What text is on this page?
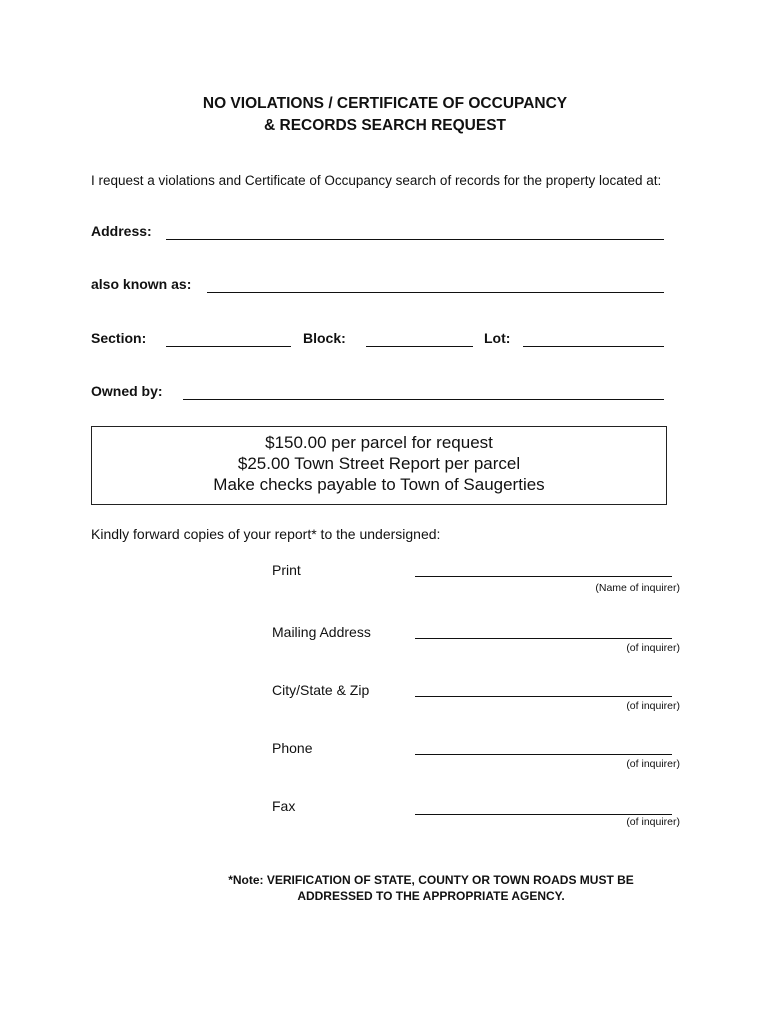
NO VIOLATIONS / CERTIFICATE OF OCCUPANCY
& RECORDS SEARCH REQUEST
I request a violations and Certificate of Occupancy search of records for the property located at:
Address:
also known as:
Section:	Block:	Lot:
Owned by:
$150.00 per parcel for request
$25.00 Town Street Report per parcel
Make checks payable to Town of Saugerties
Kindly forward copies of your report* to the undersigned:
Print
(Name of inquirer)
Mailing Address
(of inquirer)
City/State & Zip
(of inquirer)
Phone
(of inquirer)
Fax
(of inquirer)
*Note: VERIFICATION OF STATE, COUNTY OR TOWN ROADS MUST BE
ADDRESSED TO THE APPROPRIATE AGENCY.
